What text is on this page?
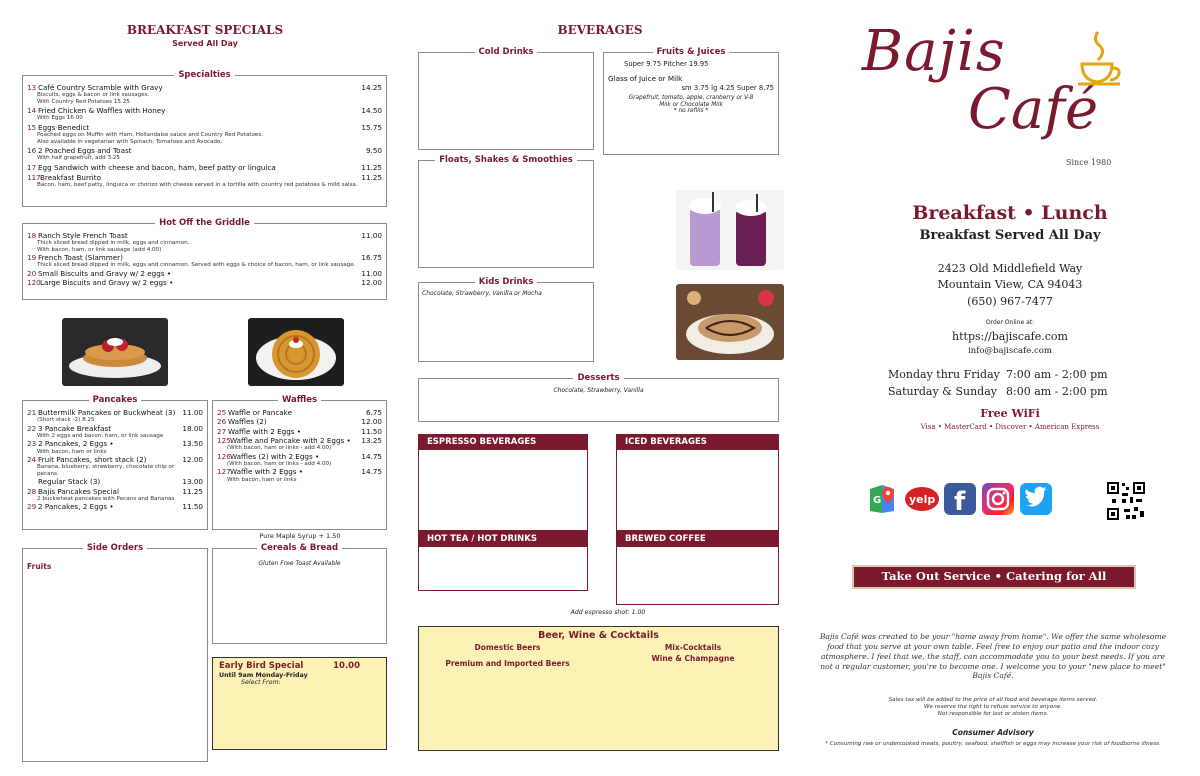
BREAKFAST SPECIALS
Served All Day
Specialties
13 Café Country Scramble with Gravy	14.25
Biscuits, eggs & bacon or link sausages.
With Country Red Potatoes 15.25
14 Fried Chicken & Waffles with Honey	14.50
With Eggs 16.00
15 Eggs Benedict	15.75
Poached eggs on Muffin with Ham, Hollandaise sauce and Country Red Potatoes.
Also available in vegetarian with Spinach, Tomatoes and Avocado.
16 2 Poached Eggs and Toast	9.50
With half grapefruit, add 3.25
17 Egg Sandwich with cheese and bacon, ham, beef patty or linguica	11.25
117Breakfast Burrito	11.25
Bacon, ham, beef patty, linguica or chorizo with cheese served in a tortilla with country red potatoes & mild salsa.
Hot Off the Griddle
18 Ranch Style French Toast	11.00
Thick sliced bread dipped in milk, eggs and cinnamon.
With bacon, ham, or link sausage (add 4.00)
19 French Toast (Slammer)	16.75
Thick sliced bread dipped in milk, eggs and cinnamon. Served with eggs & choice of bacon, ham, or link sausage.
20 Small Biscuits and Gravy w/ 2 eggs •	11.00
120Large Biscuits and Gravy w/ 2 eggs •	12.00
Pancakes
21 Buttermilk Pancakes or Buckwheat (3) 11.00
(Short stack -2) 8.25
22 3 Pancake Breakfast	18.00
With 2 eggs and bacon, ham, or link sausage
23 2 Pancakes, 2 Eggs •	13.50
With bacon, ham or links
24 Fruit Pancakes, short stack (2)	12.00
Banana, blueberry, strawberry, chocolate chip or
pecans.
Regular Stack (3)	13.00
28 Bajis Pancakes Special	11.25
2 buckwheat pancakes with Pecans and Bananas
29 2 Pancakes, 2 Eggs •	11.50
Waffles
25 Waffle or Pancake	6.75
26 Waffles (2)	12.00
27 Waffle with 2 Eggs •	11.50
125Waffle and Pancake with 2 Eggs • 13.25
(With bacon, ham or links - add 4.00)
126Waffles (2) with 2 Eggs •	14.75
(With bacon, ham or links - add 4.00)
127Waffle with 2 Eggs •	14.75
With bacon, ham or links
Pure Maple Syrup + 1.50
Side Orders
Fruits
Cereals & Bread
Gluten Free Toast Available
Early Bird Special	10.00
Until 9am Monday-Friday
Select From:
BEVERAGES
Cold Drinks	Fruits & Juices
Super 9.75 Pitcher 19.95
Glass of Juice or Milk
sm 3.75 lg 4.25 Super 8.75
Grapefruit, tomato, apple, cranberry or V-8
Milk or Chocolate Milk
* no refills *
Floats, Shakes & Smoothies
Kids Drinks
Chocolate, Strawberry, Vanilla or Mocha
Desserts
Chocolate, Strawberry, Vanilla
ESPRESSO BEVERAGES
HOT TEA / HOT DRINKS
ICED BEVERAGES
BREWED COFFEE
Add espresso shot: 1.00
Beer, Wine & Cocktails
Domestic Beers
Premium and Imported Beers
Mix-Cocktails
Wine & Champagne
Bajis
Café
Since 1980
Breakfast • Lunch
Breakfast Served All Day
2423 Old Middlefield Way
Mountain View, CA 94043
(650) 967-7477
Order Online at:
https://bajiscafe.com
info@bajiscafe.com
Monday thru Friday 7:00 am - 2:00 pm
Saturday & Sunday 8:00 am - 2:00 pm
Free WiFi
Visa • MasterCard • Discover • American Express
G	yelp f
Take Out Service • Catering for All Occasions
Bajis Café was created to be your "home away from home". We offer the same wholesome food that you serve at your own table. Feel free to enjoy our patio and the indoor cozy atmosphere. I feel that we, the staff, can accommodate you to your best needs. If you are not a regular customer, you're to become one. I welcome you to your "new place to meet" Bajis Café.
Sales tax will be added to the price of all food and beverage items served.
We reserve the right to refuse service to anyone.
Not responsible for lost or stolen items.
Consumer Advisory
* Consuming raw or undercooked meats, poultry, seafood, shellfish or eggs may increase your risk of foodborne illness.
